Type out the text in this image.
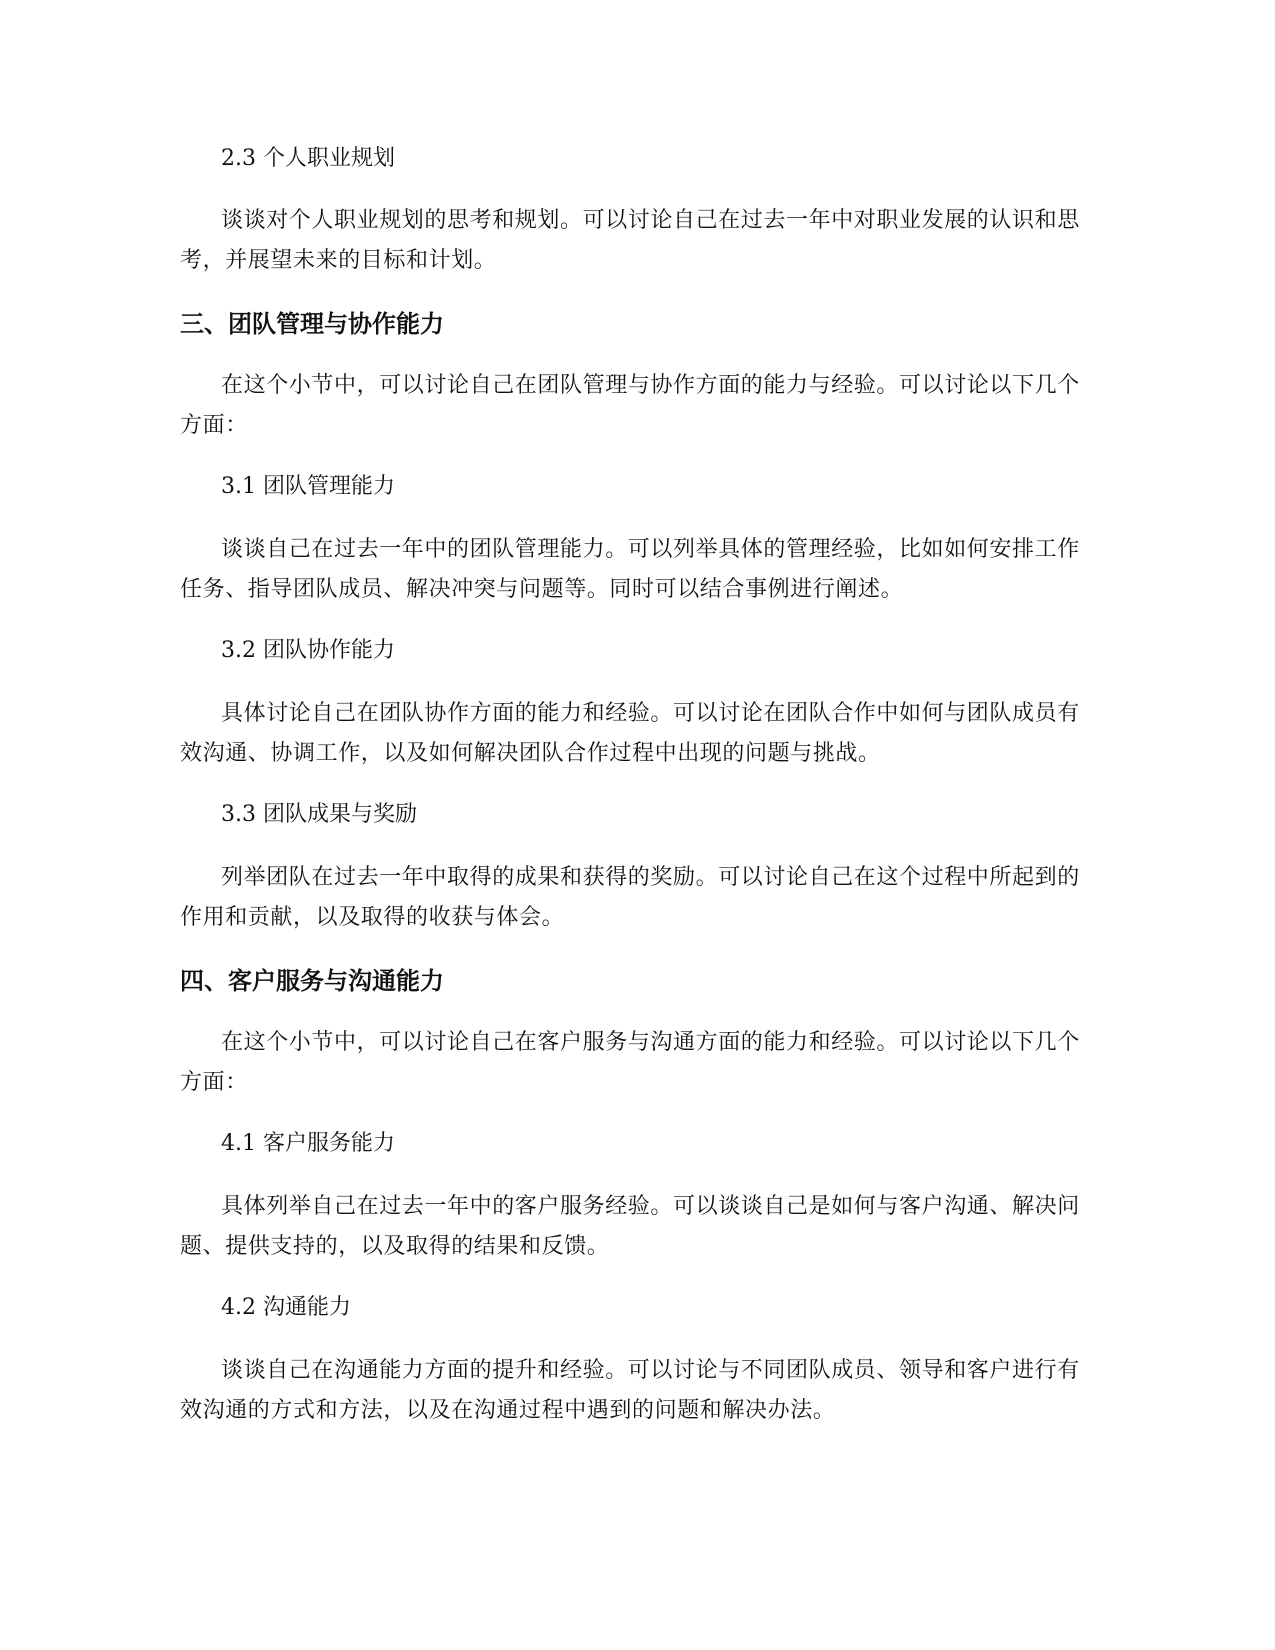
2.3 个人职业规划

谈谈对个人职业规划的思考和规划。可以讨论自己在过去一年中对职业发展的认识和思考，并展望未来的目标和计划。

三、团队管理与协作能力

在这个小节中，可以讨论自己在团队管理与协作方面的能力与经验。可以讨论以下几个方面：

3.1 团队管理能力

谈谈自己在过去一年中的团队管理能力。可以列举具体的管理经验，比如如何安排工作任务、指导团队成员、解决冲突与问题等。同时可以结合事例进行阐述。

3.2 团队协作能力

具体讨论自己在团队协作方面的能力和经验。可以讨论在团队合作中如何与团队成员有效沟通、协调工作，以及如何解决团队合作过程中出现的问题与挑战。

3.3 团队成果与奖励

列举团队在过去一年中取得的成果和获得的奖励。可以讨论自己在这个过程中所起到的作用和贡献，以及取得的收获与体会。

四、客户服务与沟通能力

在这个小节中，可以讨论自己在客户服务与沟通方面的能力和经验。可以讨论以下几个方面：

4.1 客户服务能力

具体列举自己在过去一年中的客户服务经验。可以谈谈自己是如何与客户沟通、解决问题、提供支持的，以及取得的结果和反馈。

4.2 沟通能力

谈谈自己在沟通能力方面的提升和经验。可以讨论与不同团队成员、领导和客户进行有效沟通的方式和方法，以及在沟通过程中遇到的问题和解决办法。
